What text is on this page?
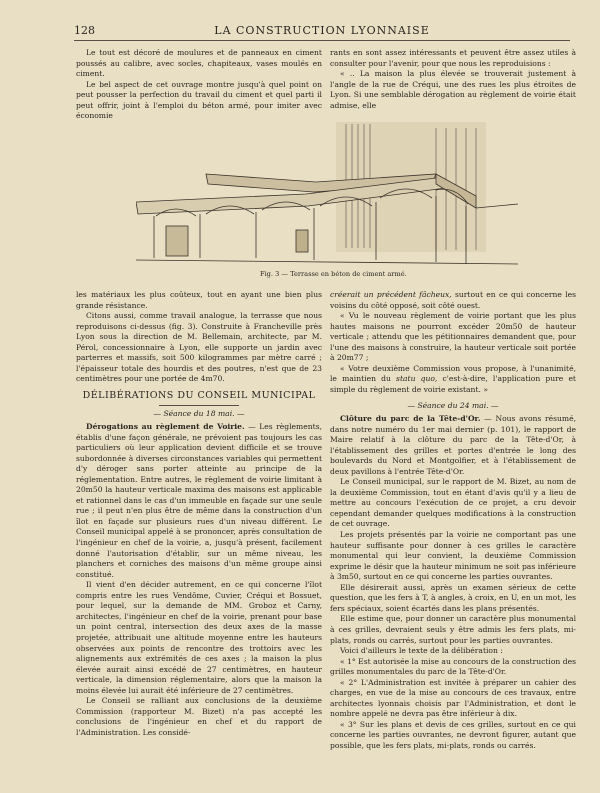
128	LA CONSTRUCTION LYONNAISE

Le tout est décoré de moulures et de panneaux en ciment poussés au calibre, avec socles, chapiteaux, vases moulés en ciment.

Le bel aspect de cet ouvrage montre jusqu'à quel point on peut pousser la perfection du travail du ciment et quel parti il peut offrir, joint à l'emploi du béton armé, pour imiter avec économie

rants en sont assez intéressants et peuvent être assez utiles à consulter pour l'avenir, pour que nous les reproduisions :

« .. La maison la plus élevée se trouverait justement à l'angle de la rue de Créqui, une des rues les plus étroites de Lyon. Si une semblable dérogation au règlement de voirie était admise, elle

Fig. 3 — Terrasse en béton de ciment armé.

les matériaux les plus coûteux, tout en ayant une bien plus grande résistance.

Citons aussi, comme travail analogue, la terrasse que nous reproduisons ci-dessus (fig. 3). Construite à Francheville près Lyon sous la direction de M. Bellemain, architecte, par M. Pérol, concessionnaire à Lyon, elle supporte un jardin avec parterres et massifs, soit 500 kilogrammes par mètre carré ; l'épaisseur totale des hourdis et des poutres, n'est que de 23 centimètres pour une portée de 4m70.

DÉLIBÉRATIONS DU CONSEIL MUNICIPAL
— Séance du 18 mai. —

Dérogations au règlement de Voirie. — Les règlements, établis d'une façon générale, ne prévoient pas toujours les cas particuliers où leur application devient difficile et se trouve subordonnée à diverses circonstances variables qui permettent d'y déroger sans porter atteinte au principe de la réglementation. Entre autres, le règlement de voirie limitant à 20m50 la hauteur verticale maxima des maisons est applicable et rationnel dans le cas d'un immeuble en façade sur une seule rue ; il peut n'en plus être de même dans la construction d'un îlot en façade sur plusieurs rues d'un niveau différent. Le Conseil municipal appelé à se prononcer, après consultation de l'ingénieur en chef de la voirie, a, jusqu'à présent, facilement donné l'autorisation d'établir, sur un même niveau, les planchers et corniches des maisons d'un même groupe ainsi constitué.

Il vient d'en décider autrement, en ce qui concerne l'îlot compris entre les rues Vendôme, Cuvier, Créqui et Bossuet, pour lequel, sur la demande de MM. Groboz et Carny, architectes, l'ingénieur en chef de la voirie, prenant pour base un point central, intersection des deux axes de la masse projetée, attribuait une altitude moyenne entre les hauteurs observées aux points de rencontre des trottoirs avec les alignements aux extrémités de ces axes ; la maison la plus élevée aurait ainsi excédé de 27 centimètres, en hauteur verticale, la dimension réglementaire, alors que la maison la moins élevée lui aurait été inférieure de 27 centimètres.

Le Conseil se ralliant aux conclusions de la deuxième Commission (rapporteur M. Bizet) n'a pas accepté les conclusions de l'ingénieur en chef et du rapport de l'Administration. Les considé-

créerait un précédent fâcheux, surtout en ce qui concerne les voisins du côté opposé, soit côté ouest.

« Vu le nouveau règlement de voirie portant que les plus hautes maisons ne pourront excéder 20m50 de hauteur verticale ; attendu que les pétitionnaires demandent que, pour l'une des maisons à construire, la hauteur verticale soit portée à 20m77 ;

« Votre deuxième Commission vous propose, à l'unanimité, le maintien du statu quo, c'est-à-dire, l'application pure et simple du règlement de voirie existant. »

— Séance du 24 mai. —

Clôture du parc de la Tête-d'Or. — Nous avons résumé, dans notre numéro du 1er mai dernier (p. 101), le rapport de Maire relatif à la clôture du parc de la Tête-d'Or, à l'établissement des grilles et portes d'entrée le long des boulevards du Nord et Montgolfier, et à l'établissement de deux pavillons à l'entrée Tête-d'Or.

Le Conseil municipal, sur le rapport de M. Bizet, au nom de la deuxième Commission, tout en étant d'avis qu'il y a lieu de mettre au concours l'exécution de ce projet, a cru devoir cependant demander quelques modifications à la construction de cet ouvrage.

Les projets présentés par la voirie ne comportant pas une hauteur suffisante pour donner à ces grilles le caractère monumental qui leur convient, la deuxième Commission exprime le désir que la hauteur minimum ne soit pas inférieure à 3m50, surtout en ce qui concerne les parties ouvrantes.

Elle désirerait aussi, après un examen sérieux de cette question, que les fers à T, à angles, à croix, en U, en un mot, les fers spéciaux, soient écartés dans les plans présentés.

Elle estime que, pour donner un caractère plus monumental à ces grilles, devraient seuls y être admis les fers plats, mi-plats, ronds ou carrés, surtout pour les parties ouvrantes.

Voici d'ailleurs le texte de la délibération :

« 1° Est autorisée la mise au concours de la construction des grilles monumentales du parc de la Tête-d'Or.

« 2° L'Administration est invitée à préparer un cahier des charges, en vue de la mise au concours de ces travaux, entre architectes lyonnais choisis par l'Administration, et dont le nombre appelé ne devra pas être inférieur à dix.

« 3° Sur les plans et devis de ces grilles, surtout en ce qui concerne les parties ouvrantes, ne devront figurer, autant que possible, que les fers plats, mi-plats, ronds ou carrés.
